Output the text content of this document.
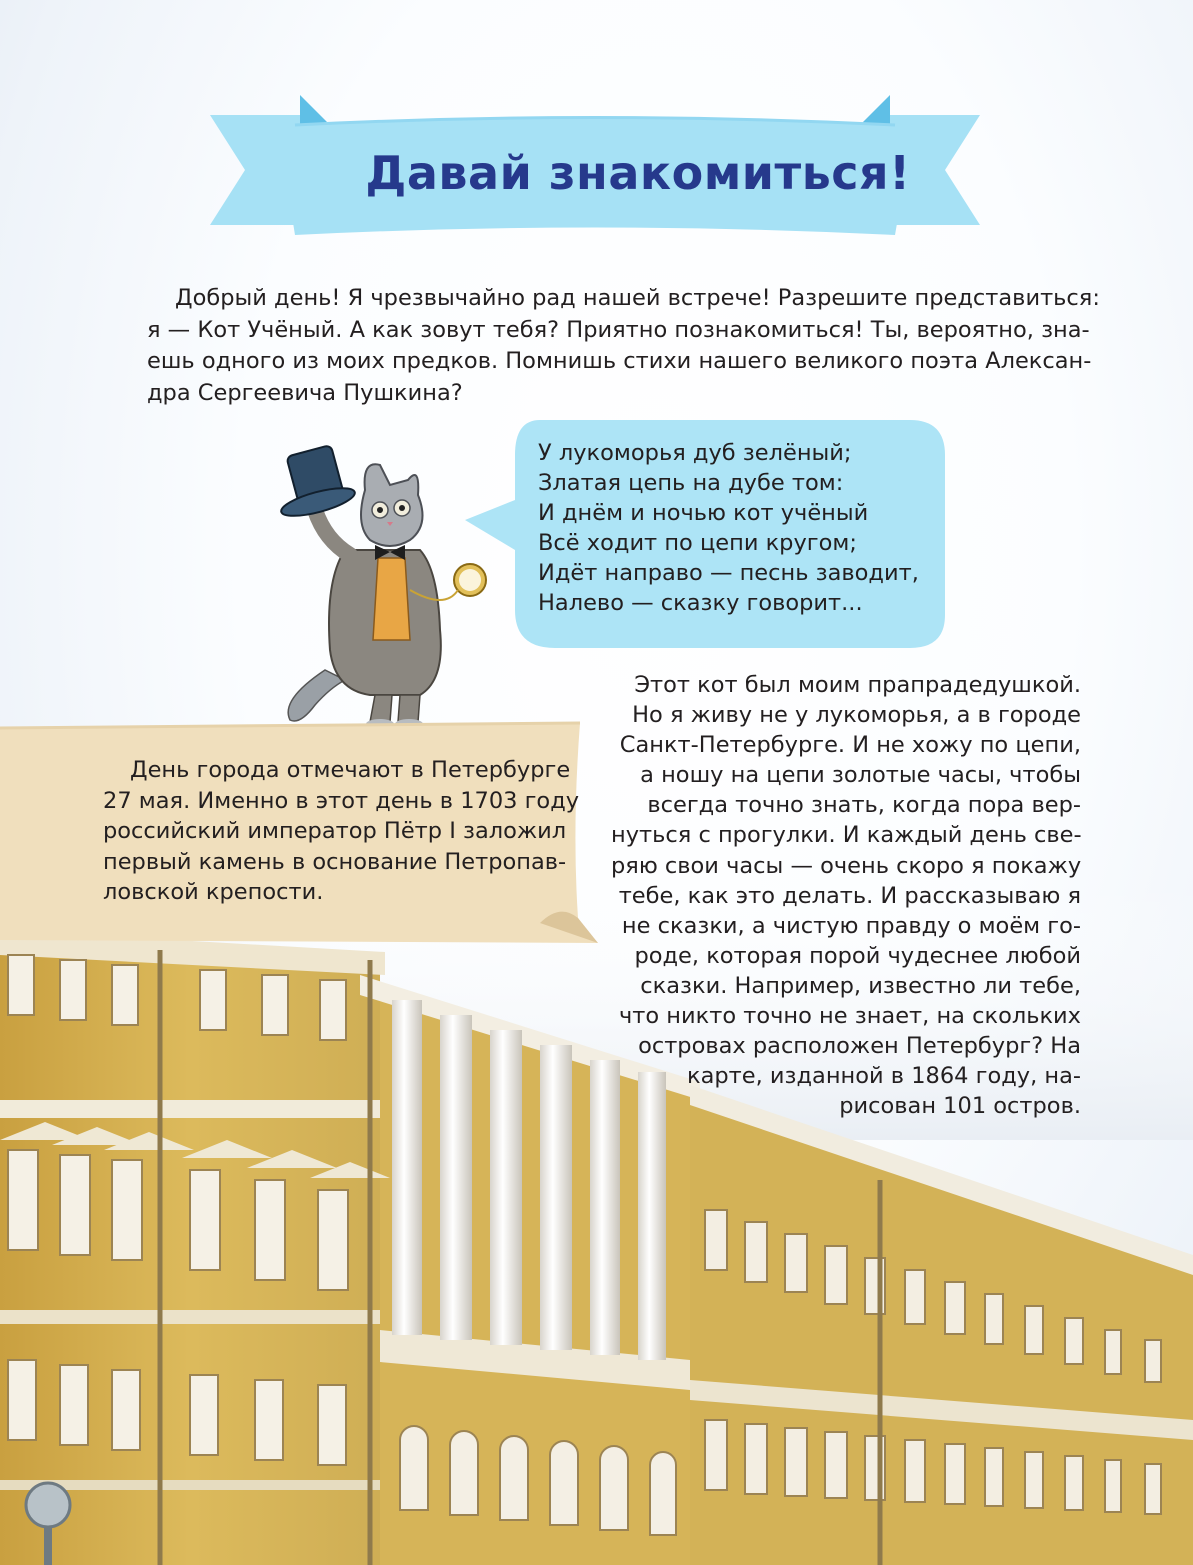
Давай знакомиться!
Добрый день! Я чрезвычайно рад нашей встрече! Разрешите представиться:
я — Кот Учёный. А как зовут тебя? Приятно познакомиться! Ты, вероятно, зна-
ешь одного из моих предков. Помнишь стихи нашего великого поэта Алексан-
дра Сергеевича Пушкина?
У лукоморья дуб зелёный;
Златая цепь на дубе том:
И днём и ночью кот учёный
Всё ходит по цепи кругом;
Идёт направо — песнь заводит,
Налево — сказку говорит...
День города отмечают в Петербурге
27 мая. Именно в этот день в 1703 году
российский император Пётр I заложил
первый камень в основание Петропав-
ловской крепости.
Этот кот был моим прапрадедушкой.
Но я живу не у лукоморья, а в городе
Санкт-Петербурге. И не хожу по цепи,
а ношу на цепи золотые часы, чтобы
всегда точно знать, когда пора вер-
нуться с прогулки. И каждый день све-
ряю свои часы — очень скоро я покажу
тебе, как это делать. И рассказываю я
не сказки, а чистую правду о моём го-
роде, которая порой чудеснее любой
сказки. Например, известно ли тебе,
что никто точно не знает, на скольких
островах расположен Петербург? На
карте, изданной в 1864 году, на-
рисован 101 остров.
